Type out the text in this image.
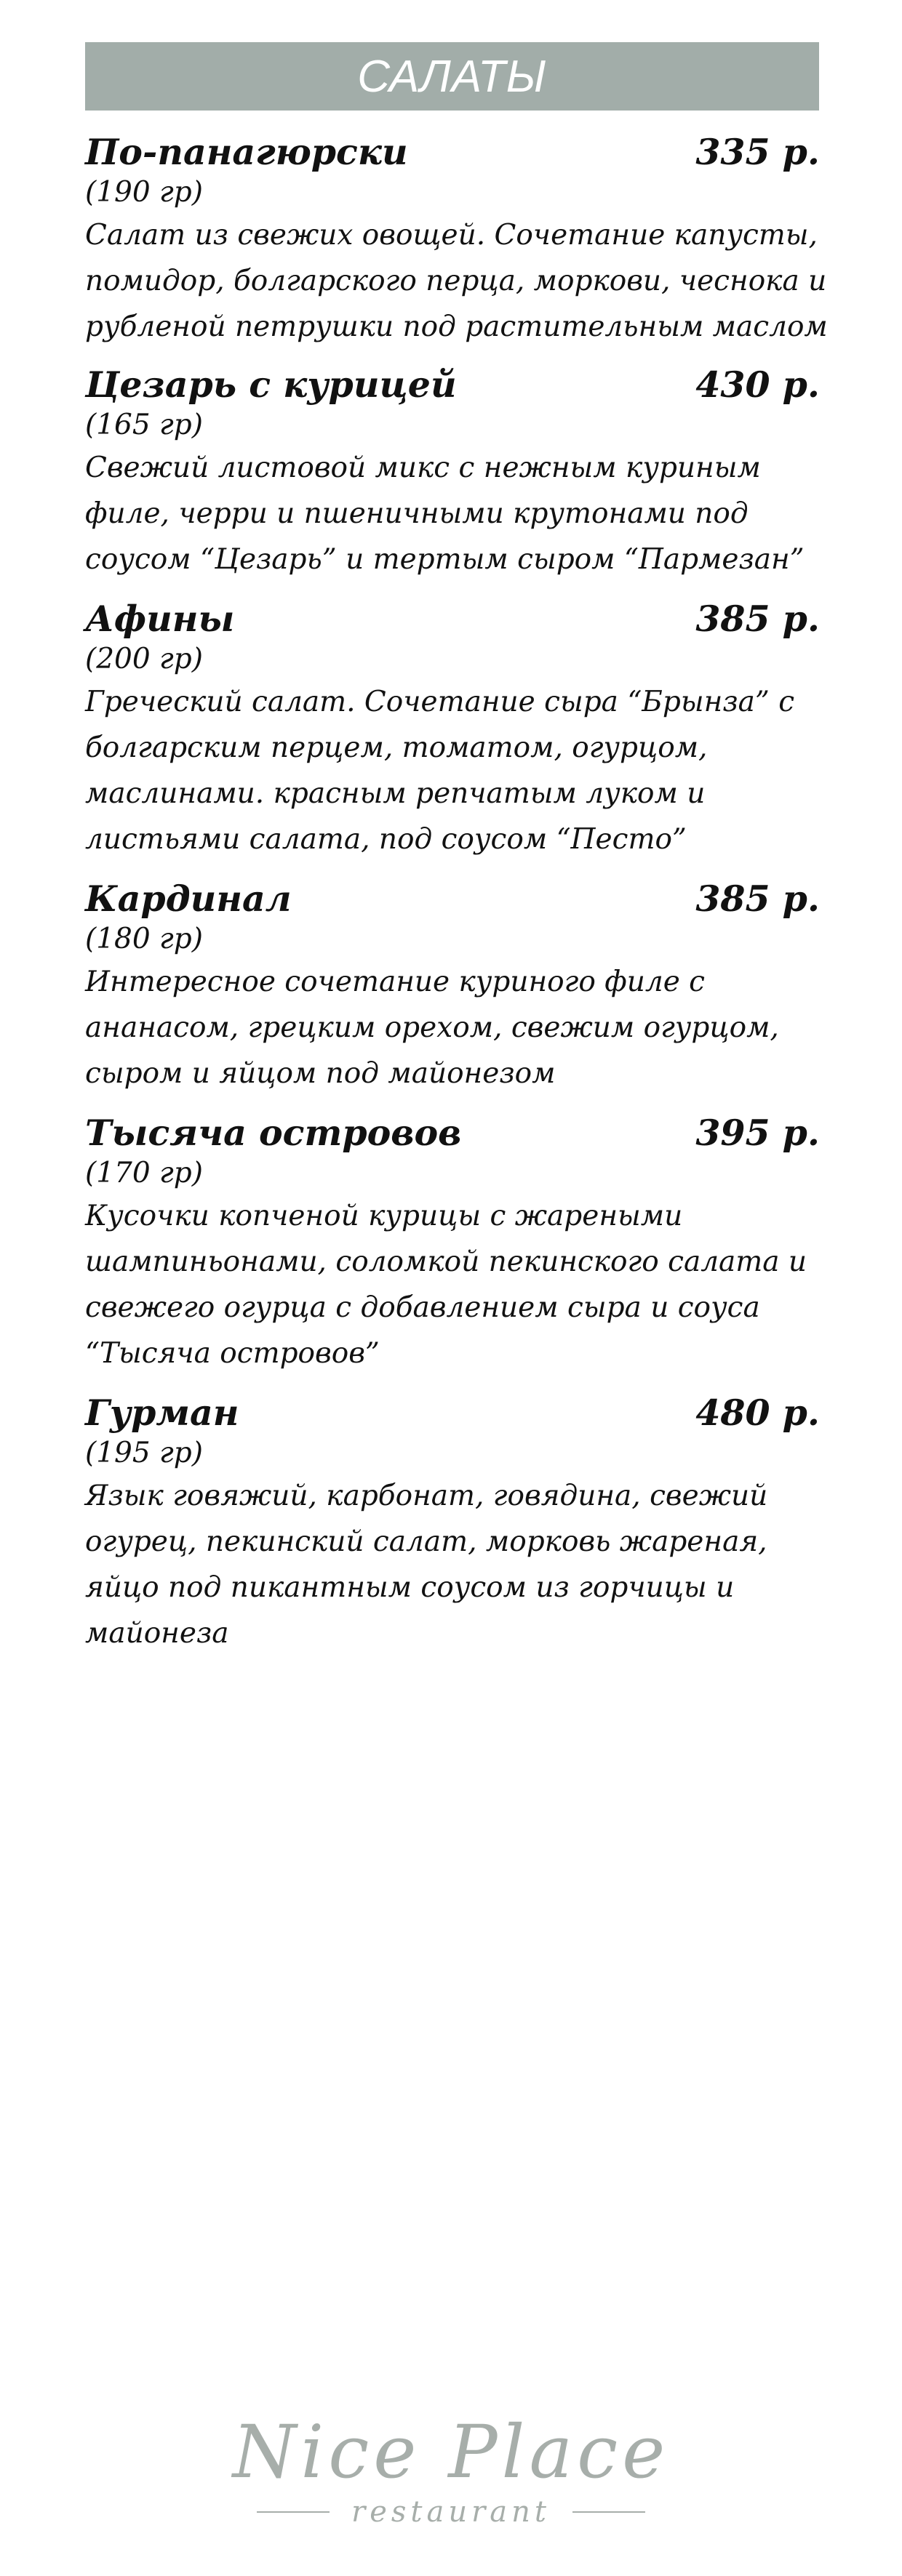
САЛАТЫ
По-панагюрски	335 р.
(190 гр)
Салат из свежих овощей. Сочетание капусты,
помидор, болгарского перца, моркови, чеснока и
рубленой петрушки под растительным маслом
Цезарь с курицей	430 р.
(165 гр)
Свежий листовой микс с нежным куриным
филе, черри и пшеничными крутонами под
соусом “Цезарь” и тертым сыром “Пармезан”
Афины	385 р.
(200 гр)
Греческий салат. Сочетание сыра “Брынза” с
болгарским перцем, томатом, огурцом,
маслинами. красным репчатым луком и
листьями салата, под соусом “Песто”
Кардинал	385 р.
(180 гр)
Интересное сочетание куриного филе с
ананасом, грецким орехом, свежим огурцом,
сыром и яйцом под майонезом
Тысяча островов	395 р.
(170 гр)
Кусочки копченой курицы с жареными
шампиньонами, соломкой пекинского салата и
свежего огурца с добавлением сыра и соуса
“Тысяча островов”
Гурман	480 р.
(195 гр)
Язык говяжий, карбонат, говядина, свежий
огурец, пекинский салат, морковь жареная,
яйцо под пикантным соусом из горчицы и
майонеза
Nice Place
restaurant
